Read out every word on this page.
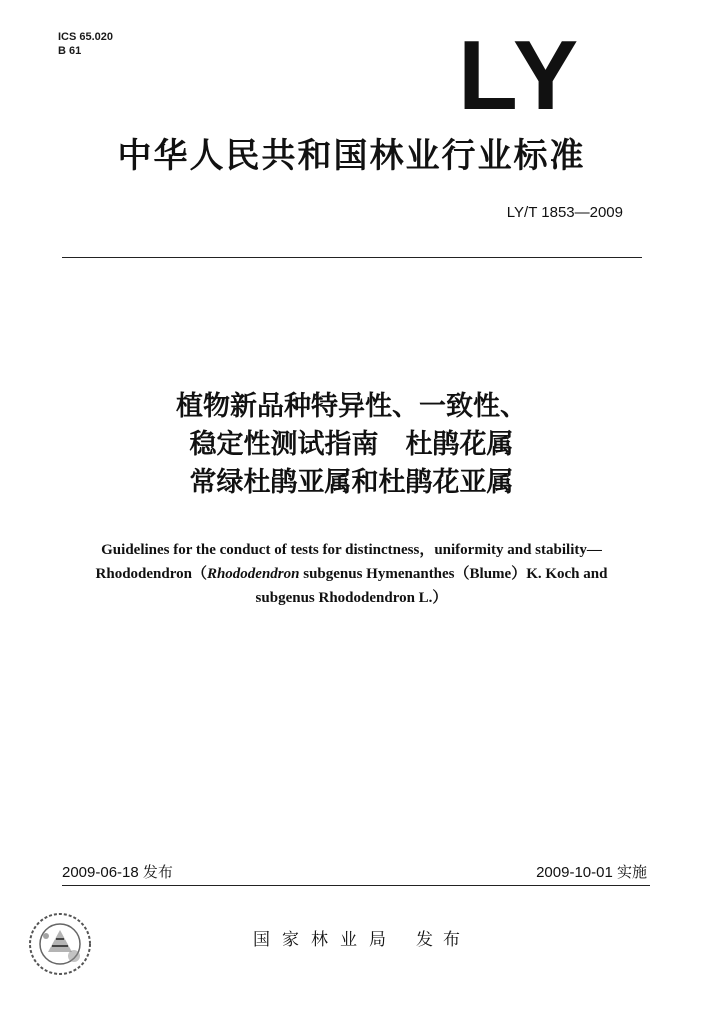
ICS 65.020
B 61	LY
中华人民共和国林业行业标准
LY/T 1853—2009
植物新品种特异性、一致性、
稳定性测试指南　杜鹃花属
常绿杜鹃亚属和杜鹃花亚属
Guidelines for the conduct of tests for distinctness，uniformity and stability—
Rhododendron（Rhododendron subgenus Hymenanthes（Blume）K. Koch and
subgenus Rhododendron L.）
2009-06-18 发布	2009-10-01 实施
国家林业局 发布
